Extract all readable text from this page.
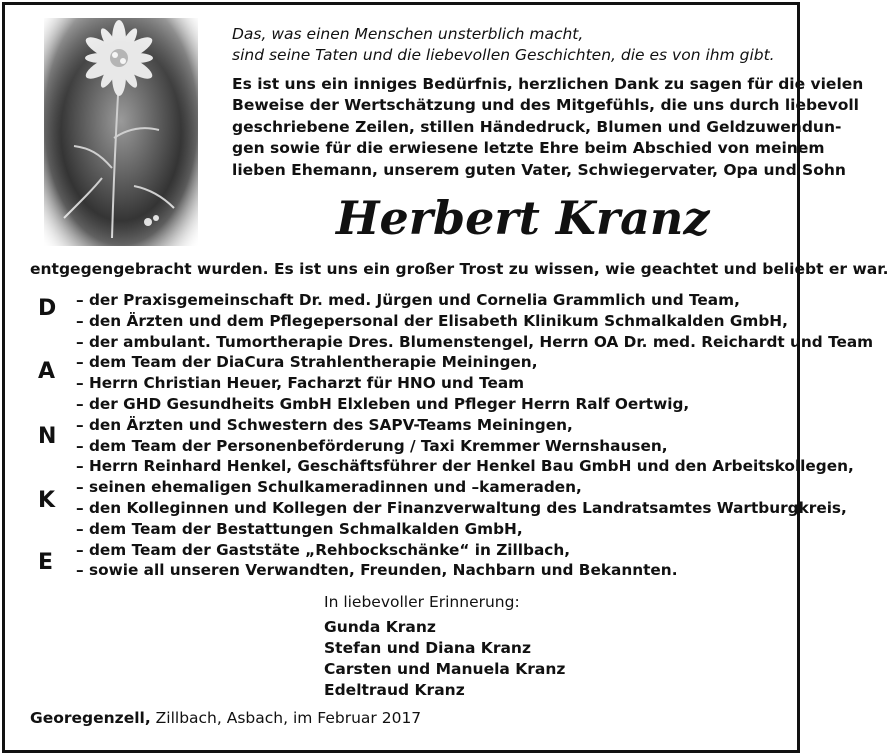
Das, was einen Menschen unsterblich macht,
sind seine Taten und die liebevollen Geschichten, die es von ihm gibt.
Es ist uns ein inniges Bedürfnis, herzlichen Dank zu sagen für die vielen
Beweise der Wertschätzung und des Mitgefühls, die uns durch liebevoll
geschriebene Zeilen, stillen Händedruck, Blumen und Geldzuwendun-
gen sowie für die erwiesene letzte Ehre beim Abschied von meinem
lieben Ehemann, unserem guten Vater, Schwiegervater, Opa und Sohn
Herbert Kranz
entgegengebracht wurden. Es ist uns ein großer Trost zu wissen, wie geachtet und beliebt er war.
D
A
N
K
E
– der Praxisgemeinschaft Dr. med. Jürgen und Cornelia Grammlich und Team,
– den Ärzten und dem Pflegepersonal der Elisabeth Klinikum Schmalkalden GmbH,
– der ambulant. Tumortherapie Dres. Blumenstengel, Herrn OA Dr. med. Reichardt und Team
– dem Team der DiaCura Strahlentherapie Meiningen,
– Herrn Christian Heuer, Facharzt für HNO und Team
– der GHD Gesundheits GmbH Elxleben und Pfleger Herrn Ralf Oertwig,
– den Ärzten und Schwestern des SAPV-Teams Meiningen,
– dem Team der Personenbeförderung / Taxi Kremmer Wernshausen,
– Herrn Reinhard Henkel, Geschäftsführer der Henkel Bau GmbH und den Arbeitskollegen,
– seinen ehemaligen Schulkameradinnen und –kameraden,
– den Kolleginnen und Kollegen der Finanzverwaltung des Landratsamtes Wartburgkreis,
– dem Team der Bestattungen Schmalkalden GmbH,
– dem Team der Gaststäte „Rehbockschänke“ in Zillbach,
– sowie all unseren Verwandten, Freunden, Nachbarn und Bekannten.
In liebevoller Erinnerung:
Gunda Kranz
Stefan und Diana Kranz
Carsten und Manuela Kranz
Edeltraud Kranz
Georegenzell, Zillbach, Asbach, im Februar 2017
